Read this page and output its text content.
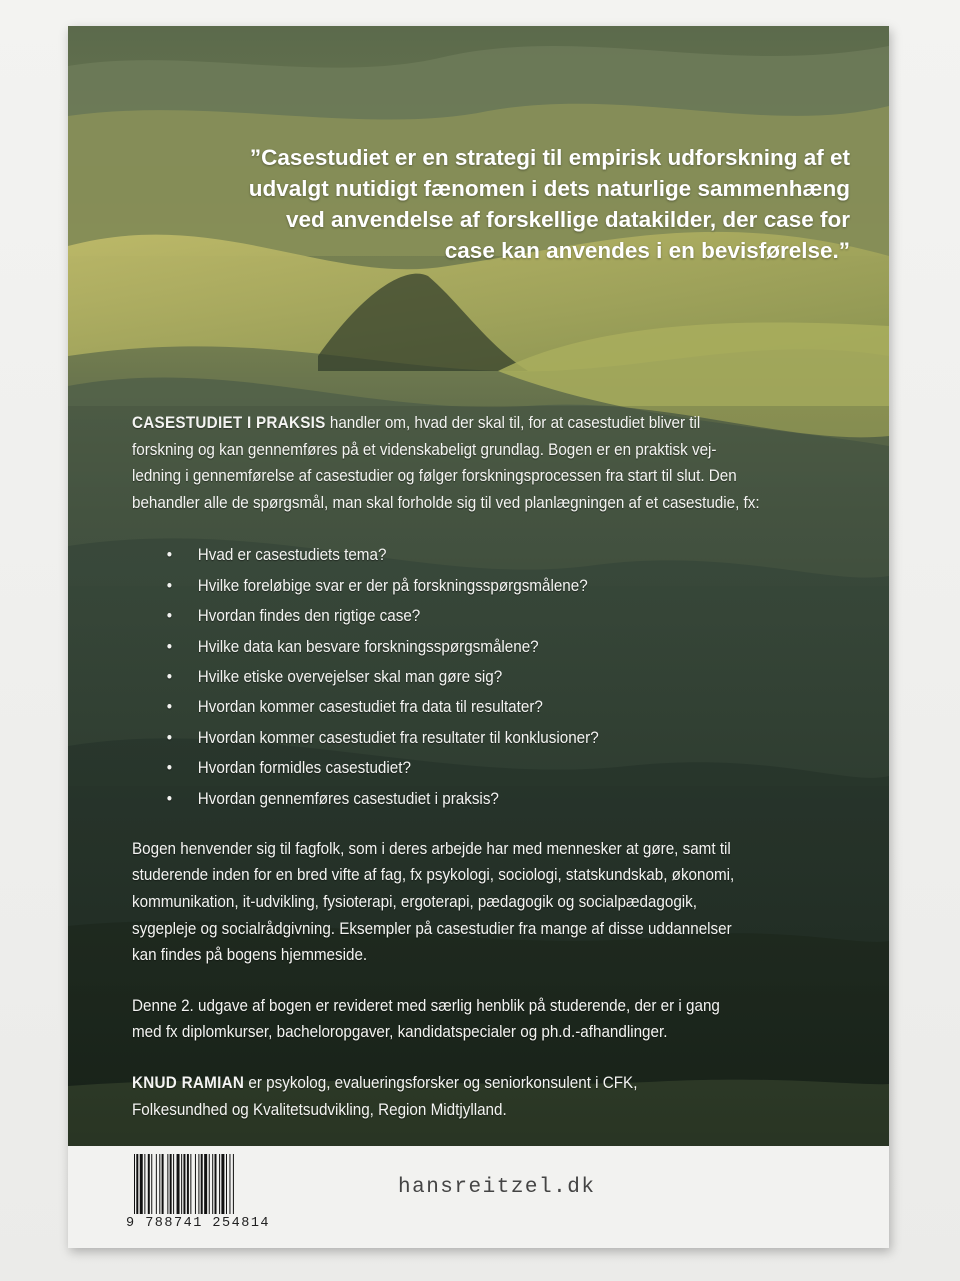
”Casestudiet er en strategi til empirisk udforskning af et
udvalgt nutidigt fænomen i dets naturlige sammenhæng
ved anvendelse af forskellige datakilder, der case for
case kan anvendes i en bevisførelse.”
CASESTUDIET I PRAKSIS handler om, hvad der skal til, for at casestudiet bliver til
forskning og kan gennemføres på et videnskabeligt grundlag. Bogen er en praktisk vej-
ledning i gennemførelse af casestudier og følger forskningsprocessen fra start til slut. Den
behandler alle de spørgsmål, man skal forholde sig til ved planlægningen af et casestudie, fx:
• Hvad er casestudiets tema?
• Hvilke foreløbige svar er der på forskningsspørgsmålene?
• Hvordan findes den rigtige case?
• Hvilke data kan besvare forskningsspørgsmålene?
• Hvilke etiske overvejelser skal man gøre sig?
• Hvordan kommer casestudiet fra data til resultater?
• Hvordan kommer casestudiet fra resultater til konklusioner?
• Hvordan formidles casestudiet?
• Hvordan gennemføres casestudiet i praksis?
Bogen henvender sig til fagfolk, som i deres arbejde har med mennesker at gøre, samt til
studerende inden for en bred vifte af fag, fx psykologi, sociologi, statskundskab, økonomi,
kommunikation, it-udvikling, fysioterapi, ergoterapi, pædagogik og socialpædagogik,
sygepleje og socialrådgivning. Eksempler på casestudier fra mange af disse uddannelser
kan findes på bogens hjemmeside.
Denne 2. udgave af bogen er revideret med særlig henblik på studerende, der er i gang
med fx diplomkurser, bacheloropgaver, kandidatspecialer og ph.d.-afhandlinger.
KNUD RAMIAN er psykolog, evalueringsforsker og seniorkonsulent i CFK,
Folkesundhed og Kvalitetsudvikling, Region Midtjylland.
9 788741 254814
hansreitzel.dk
